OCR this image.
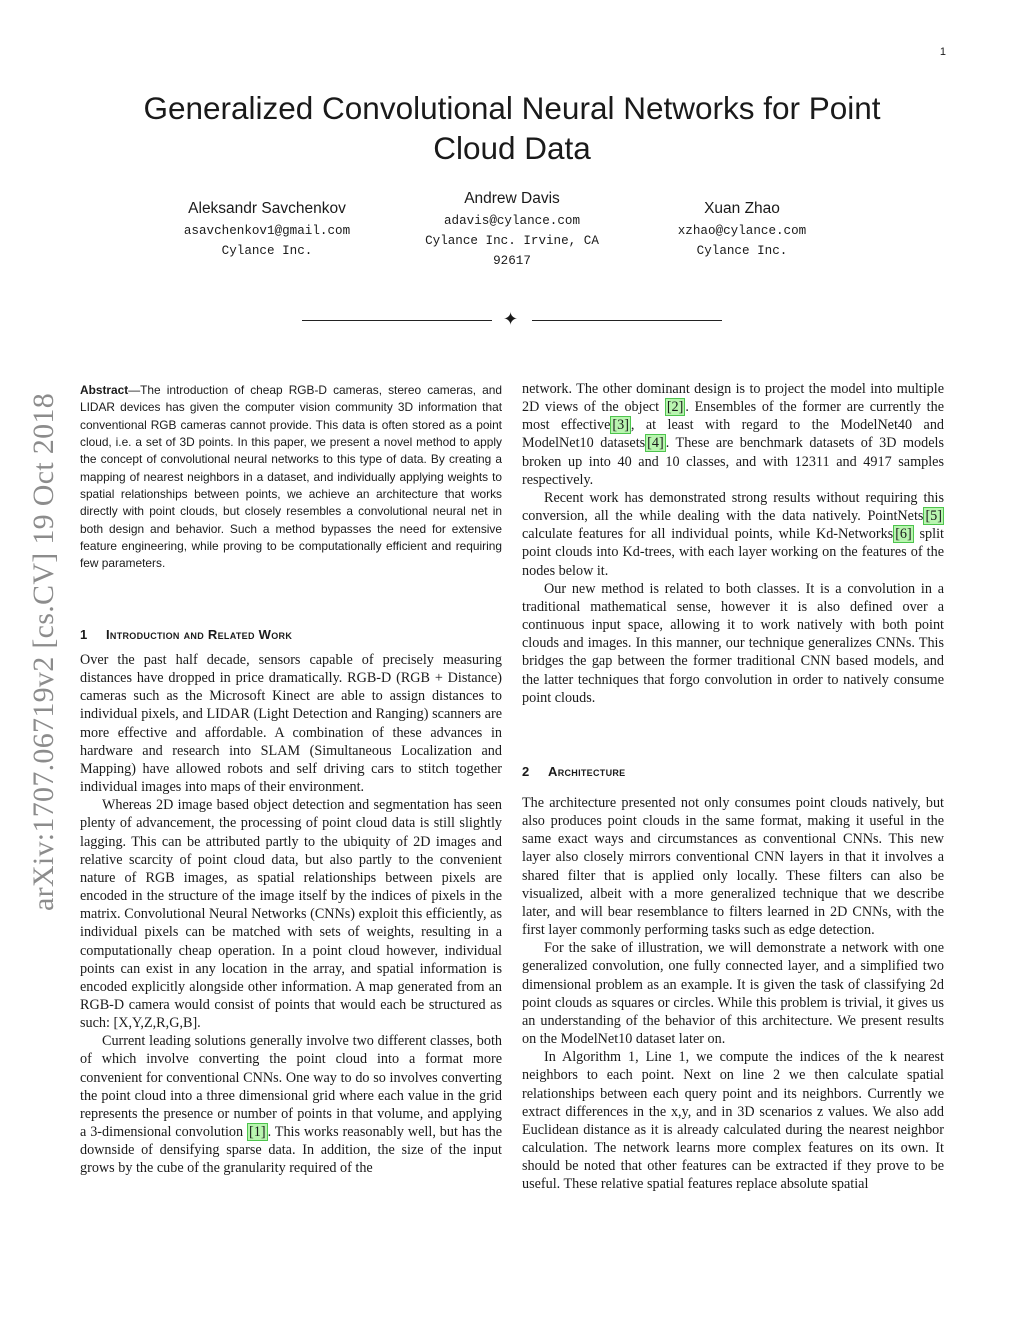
1
arXiv:1707.06719v2 [cs.CV] 19 Oct 2018
Generalized Convolutional Neural Networks for Point Cloud Data
Aleksandr Savchenkov
asavchenkov1@gmail.com
Cylance Inc.
Andrew Davis
adavis@cylance.com
Cylance Inc. Irvine, CA
92617
Xuan Zhao
xzhao@cylance.com
Cylance Inc.
✦
Abstract—The introduction of cheap RGB-D cameras, stereo cameras, and LIDAR devices has given the computer vision community 3D information that conventional RGB cameras cannot provide. This data is often stored as a point cloud, i.e. a set of 3D points. In this paper, we present a novel method to apply the concept of convolutional neural networks to this type of data. By creating a mapping of nearest neighbors in a dataset, and individually applying weights to spatial relationships between points, we achieve an architecture that works directly with point clouds, but closely resembles a convolutional neural net in both design and behavior. Such a method bypasses the need for extensive feature engineering, while proving to be computationally efficient and requiring few parameters.
1 Introduction and Related Work

Over the past half decade, sensors capable of precisely measuring distances have dropped in price dramatically. RGB-D (RGB + Distance) cameras such as the Microsoft Kinect are able to assign distances to individual pixels, and LIDAR (Light Detection and Ranging) scanners are more effective and affordable. A combination of these advances in hardware and research into SLAM (Simultaneous Localization and Mapping) have allowed robots and self driving cars to stitch together individual images into maps of their environment.

Whereas 2D image based object detection and segmentation has seen plenty of advancement, the processing of point cloud data is still slightly lagging. This can be attributed partly to the ubiquity of 2D images and relative scarcity of point cloud data, but also partly to the convenient nature of RGB images, as spatial relationships between pixels are encoded in the structure of the image itself by the indices of pixels in the matrix. Convolutional Neural Networks (CNNs) exploit this efficiently, as individual pixels can be matched with sets of weights, resulting in a computationally cheap operation. In a point cloud however, individual points can exist in any location in the array, and spatial information is encoded explicitly alongside other information. A map generated from an RGB-D camera would consist of points that would each be structured as such: [X,Y,Z,R,G,B].

Current leading solutions generally involve two different classes, both of which involve converting the point cloud into a format more convenient for conventional CNNs. One way to do so involves converting the point cloud into a three dimensional grid where each value in the grid represents the presence or number of points in that volume, and applying a 3-dimensional convolution [1] . This works reasonably well, but has the downside of densifying sparse data. In addition, the size of the input grows by the cube of the granularity required of the

network. The other dominant design is to project the model into multiple 2D views of the object [2] . Ensembles of the former are currently the most effective [3] , at least with regard to the ModelNet40 and ModelNet10 datasets [4] . These are benchmark datasets of 3D models broken up into 40 and 10 classes, and with 12311 and 4917 samples respectively.

Recent work has demonstrated strong results without requiring this conversion, all the while dealing with the data natively. PointNets [5] calculate features for all individual points, while Kd-Networks [6] split point clouds into Kd-trees, with each layer working on the features of the nodes below it.

Our new method is related to both classes. It is a convolution in a traditional mathematical sense, however it is also defined over a continuous input space, allowing it to work natively with both point clouds and images. In this manner, our technique generalizes CNNs. This bridges the gap between the former traditional CNN based models, and the latter techniques that forgo convolution in order to natively consume point clouds.

2 Architecture

The architecture presented not only consumes point clouds natively, but also produces point clouds in the same format, making it useful in the same exact ways and circumstances as conventional CNNs. This new layer also closely mirrors conventional CNN layers in that it involves a shared filter that is applied only locally. These filters can also be visualized, albeit with a more generalized technique that we describe later, and will bear resemblance to filters learned in 2D CNNs, with the first layer commonly performing tasks such as edge detection.

For the sake of illustration, we will demonstrate a network with one generalized convolution, one fully connected layer, and a simplified two dimensional problem as an example. It is given the task of classifying 2d point clouds as squares or circles. While this problem is trivial, it gives us an understanding of the behavior of this architecture. We present results on the ModelNet10 dataset later on.

In Algorithm 1, Line 1, we compute the indices of the k nearest neighbors to each point. Next on line 2 we then calculate spatial relationships between each query point and its neighbors. Currently we extract differences in the x,y, and in 3D scenarios z values. We also add Euclidean distance as it is already calculated during the nearest neighbor calculation. The network learns more complex features on its own. It should be noted that other features can be extracted if they prove to be useful. These relative spatial features replace absolute spatial
